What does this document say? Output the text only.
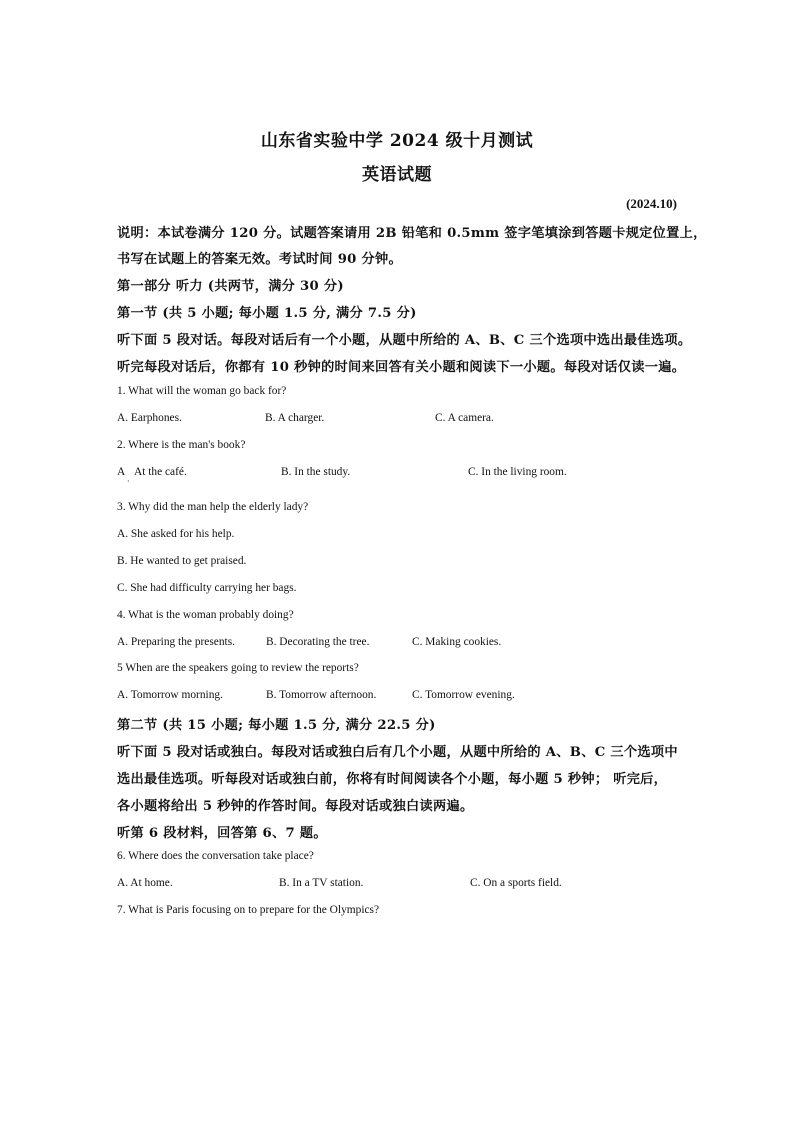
山东省实验中学 2024 级十月测试
英语试题
(2024.10)
说明：本试卷满分 120 分。试题答案请用 2B 铅笔和 0.5mm 签字笔填涂到答题卡规定位置上，
书写在试题上的答案无效。考试时间 90 分钟。
第一部分 听力 (共两节，满分 30 分)
第一节 (共 5 小题; 每小题 1.5 分, 满分 7.5 分)
听下面 5 段对话。每段对话后有一个小题，从题中所给的 A、B、C 三个选项中选出最佳选项。
听完每段对话后，你都有 10 秒钟的时间来回答有关小题和阅读下一小题。每段对话仅读一遍。
1. What will the woman go back for?
A. Earphones.	B. A charger.	C. A camera.
2. Where is the man's book?
A
·
At the café.	B. In the study.	C. In the living room.
3. Why did the man help the elderly lady?
A. She asked for his help.
B. He wanted to get praised.
C. She had difficulty carrying her bags.
4. What is the woman probably doing?
A. Preparing the presents.	B. Decorating the tree.	C. Making cookies.
5 When are the speakers going to review the reports?
A. Tomorrow morning.	B. Tomorrow afternoon.	C. Tomorrow evening.
第二节 (共 15 小题; 每小题 1.5 分, 满分 22.5 分)
听下面 5 段对话或独白。每段对话或独白后有几个小题，从题中所给的 A、B、C 三个选项中
选出最佳选项。听每段对话或独白前，你将有时间阅读各个小题，每小题 5 秒钟； 听完后，
各小题将给出 5 秒钟的作答时间。每段对话或独白读两遍。
听第 6 段材料，回答第 6、7 题。
6. Where does the conversation take place?
A. At home.	B. In a TV station.	C. On a sports field.
7. What is Paris focusing on to prepare for the Olympics?
